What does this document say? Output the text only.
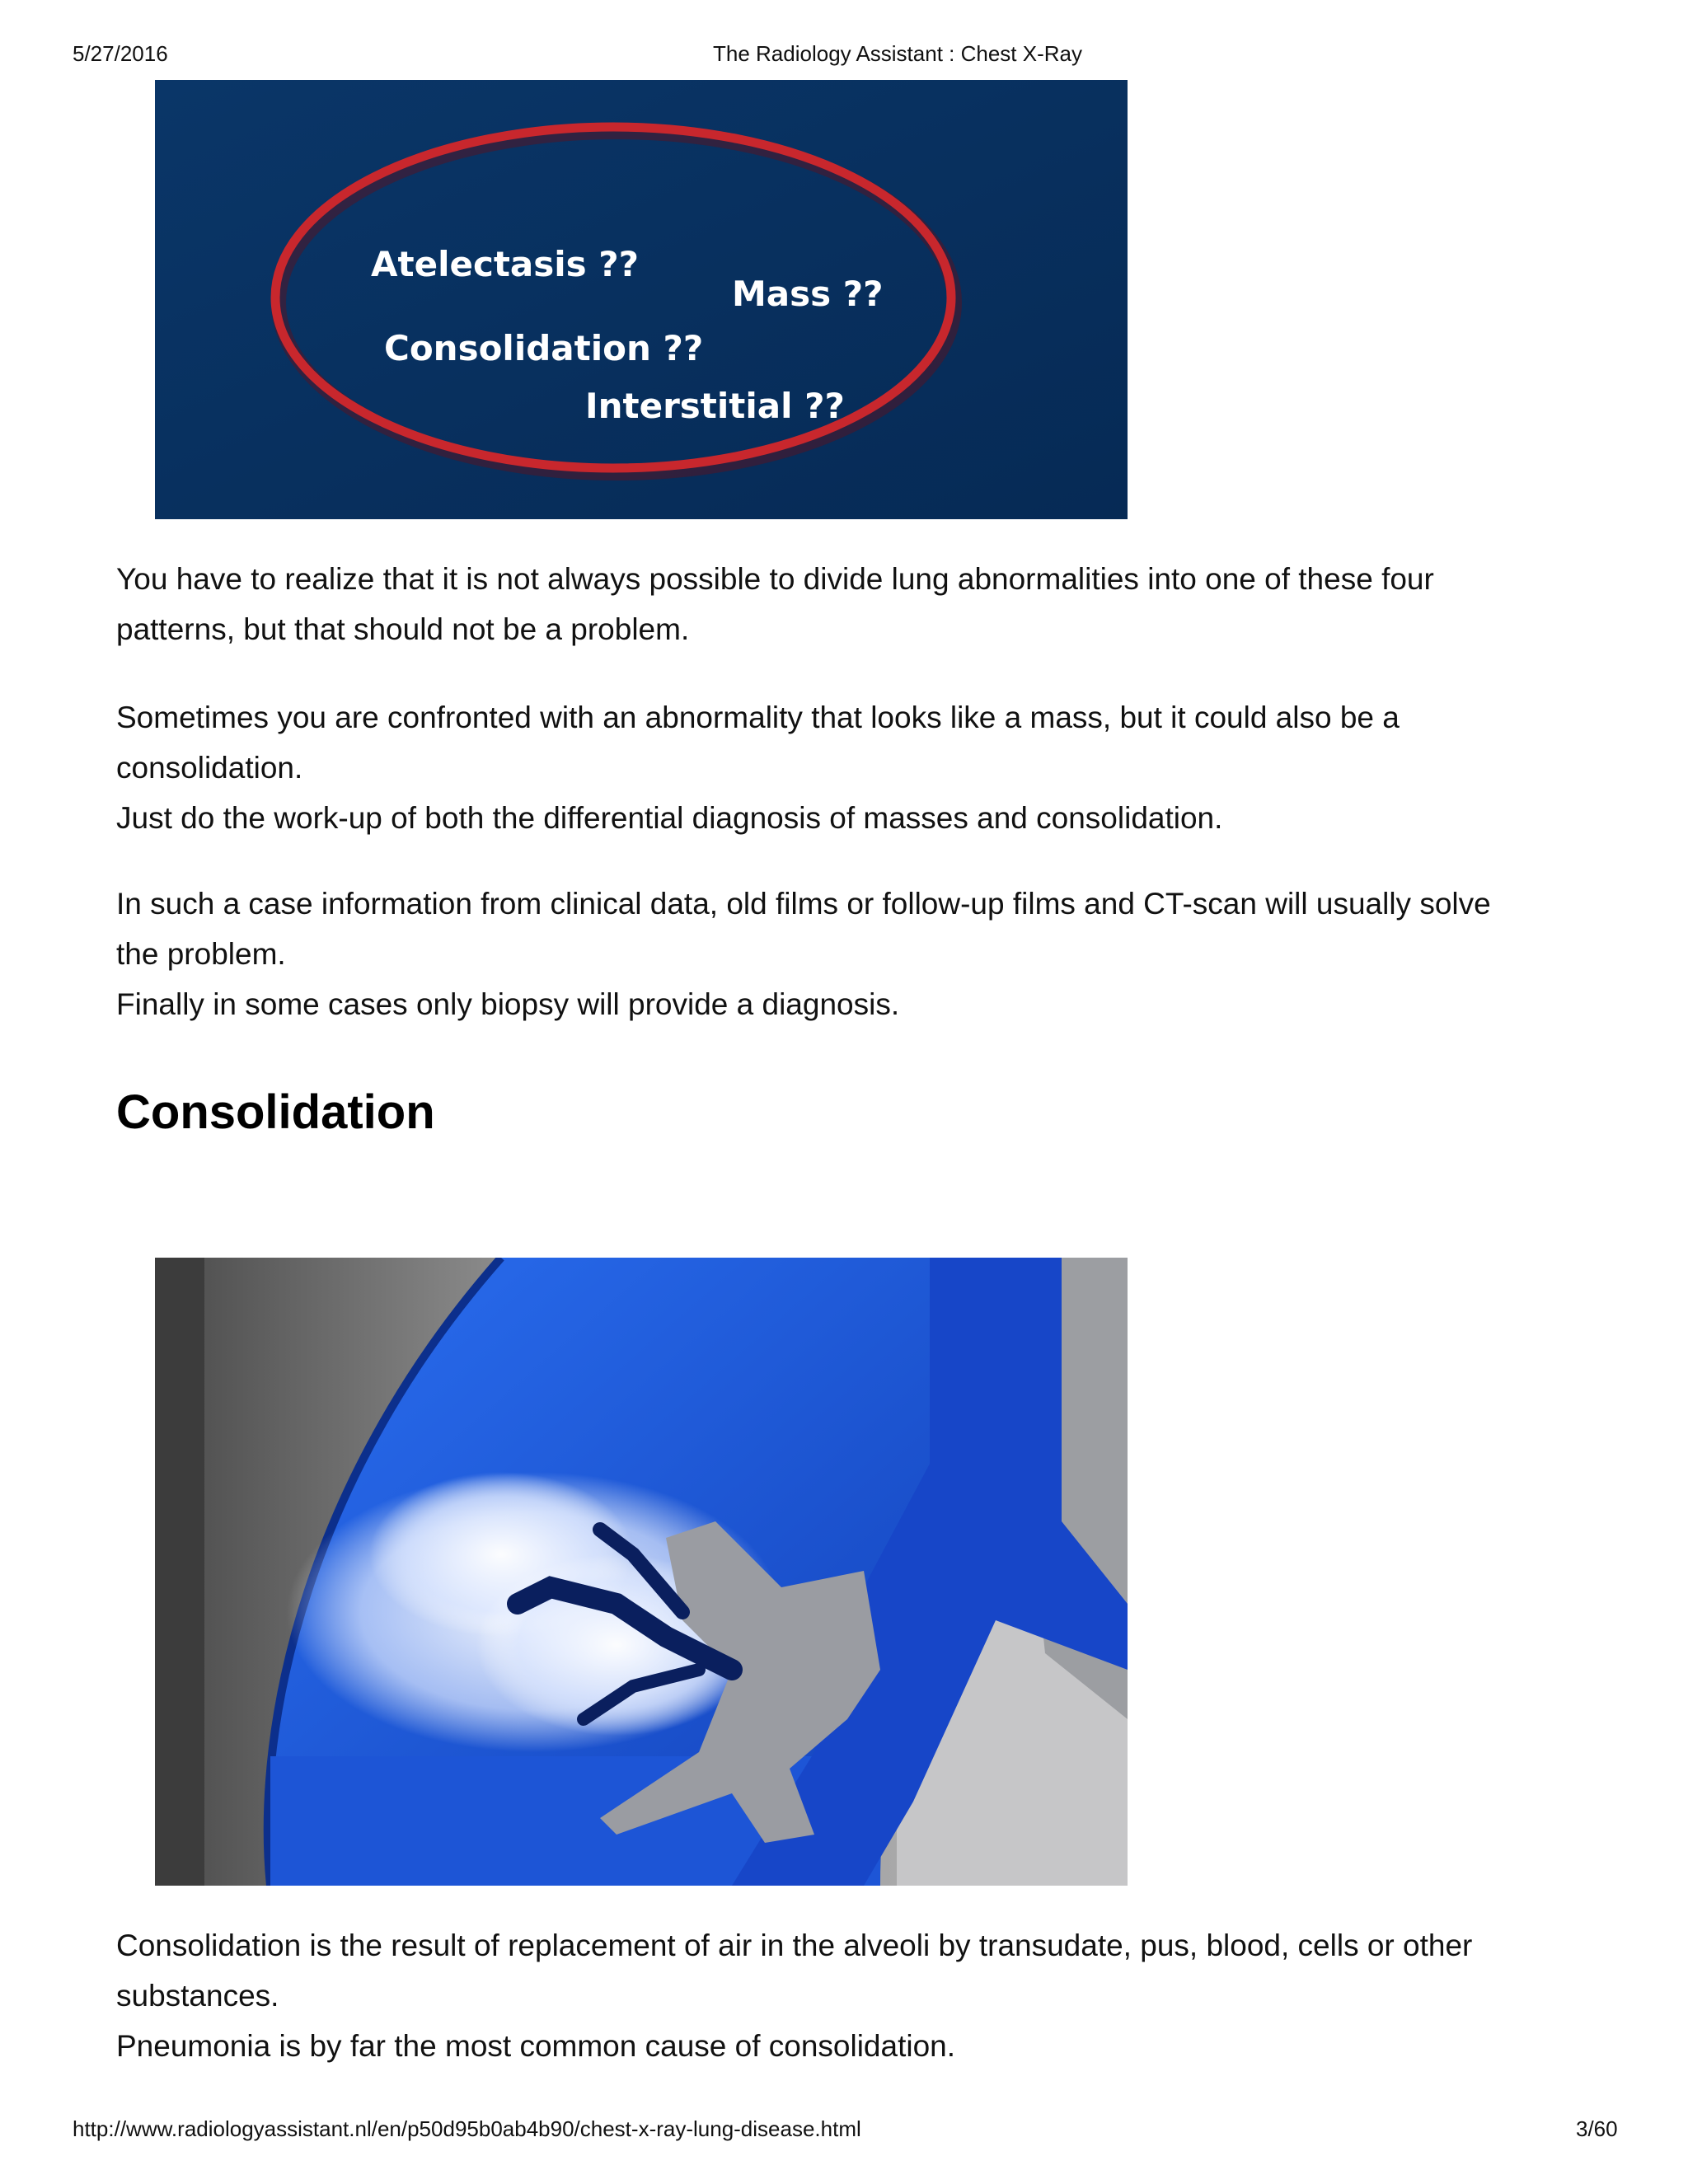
5/27/2016	The Radiology Assistant : Chest X-Ray
Atelectasis ??
Mass ??
Consolidation ??
Interstitial ??
You have to realize that it is not always possible to divide lung abnormalities into one of these four
patterns, but that should not be a problem.
Sometimes you are confronted with an abnormality that looks like a mass, but it could also be a
consolidation.
Just do the work-up of both the differential diagnosis of masses and consolidation.
In such a case information from clinical data, old films or follow-up films and CT-scan will usually solve
the problem.
Finally in some cases only biopsy will provide a diagnosis.
Consolidation
Consolidation is the result of replacement of air in the alveoli by transudate, pus, blood, cells or other
substances.
Pneumonia is by far the most common cause of consolidation.
http://www.radiologyassistant.nl/en/p50d95b0ab4b90/chest-x-ray-lung-disease.html	3/60
